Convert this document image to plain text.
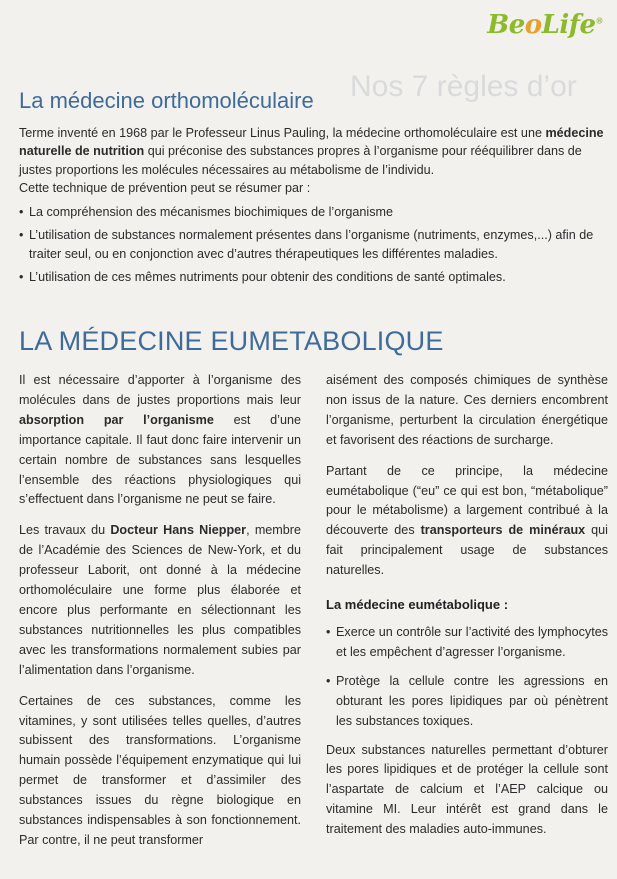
Nos 7 règles d’or
BeoLife®
La médecine orthomoléculaire

Terme inventé en 1968 par le Professeur Linus Pauling, la médecine orthomoléculaire est une médecine naturelle de nutrition qui préconise des substances propres à l’organisme pour rééquilibrer dans de justes proportions les molécules nécessaires au métabolisme de l’individu.

Cette technique de prévention peut se résumer par :

• La compréhension des mécanismes biochimiques de l’organisme
• L’utilisation de substances normalement présentes dans l’organisme (nutriments, enzymes,...) afin de traiter seul, ou en conjonction avec d’autres thérapeutiques les différentes maladies.
• L’utilisation de ces mêmes nutriments pour obtenir des conditions de santé optimales.
LA MÉDECINE EUMETABOLIQUE

Il est nécessaire d’apporter à l’organisme des molécules dans de justes proportions mais leur absorption par l’organisme est d’une importance capitale. Il faut donc faire intervenir un certain nombre de substances sans lesquelles l’ensemble des réactions physiologiques qui s’effectuent dans l’organisme ne peut se faire.

Les travaux du Docteur Hans Niepper, membre de l’Académie des Sciences de New-York, et du professeur Laborit, ont donné à la médecine orthomoléculaire une forme plus élaborée et encore plus performante en sélectionnant les substances nutritionnelles les plus compatibles avec les transformations normalement subies par l’alimentation dans l’organisme.

Certaines de ces substances, comme les vitamines, y sont utilisées telles quelles, d’autres subissent des transformations. L’organisme humain possède l’équipement enzymatique qui lui permet de transformer et d’assimiler des substances issues du règne biologique en substances indispensables à son fonctionnement. Par contre, il ne peut transformer

aisément des composés chimiques de synthèse non issus de la nature. Ces derniers encombrent l’organisme, perturbent la circulation énergétique et favorisent des réactions de surcharge.

Partant de ce principe, la médecine eumétabolique (“eu” ce qui est bon, “métabolique” pour le métabolisme) a largement contribué à la découverte des transporteurs de minéraux qui fait principalement usage de substances naturelles.

La médecine eumétabolique :
• Exerce un contrôle sur l’activité des lymphocytes et les empêchent d’agresser l’organisme.
• Protège la cellule contre les agressions en obturant les pores lipidiques par où pénètrent les substances toxiques.

Deux substances naturelles permettant d’obturer les pores lipidiques et de protéger la cellule sont l’aspartate de calcium et l’AEP calcique ou vitamine MI. Leur intérêt est grand dans le traitement des maladies auto-immunes.
